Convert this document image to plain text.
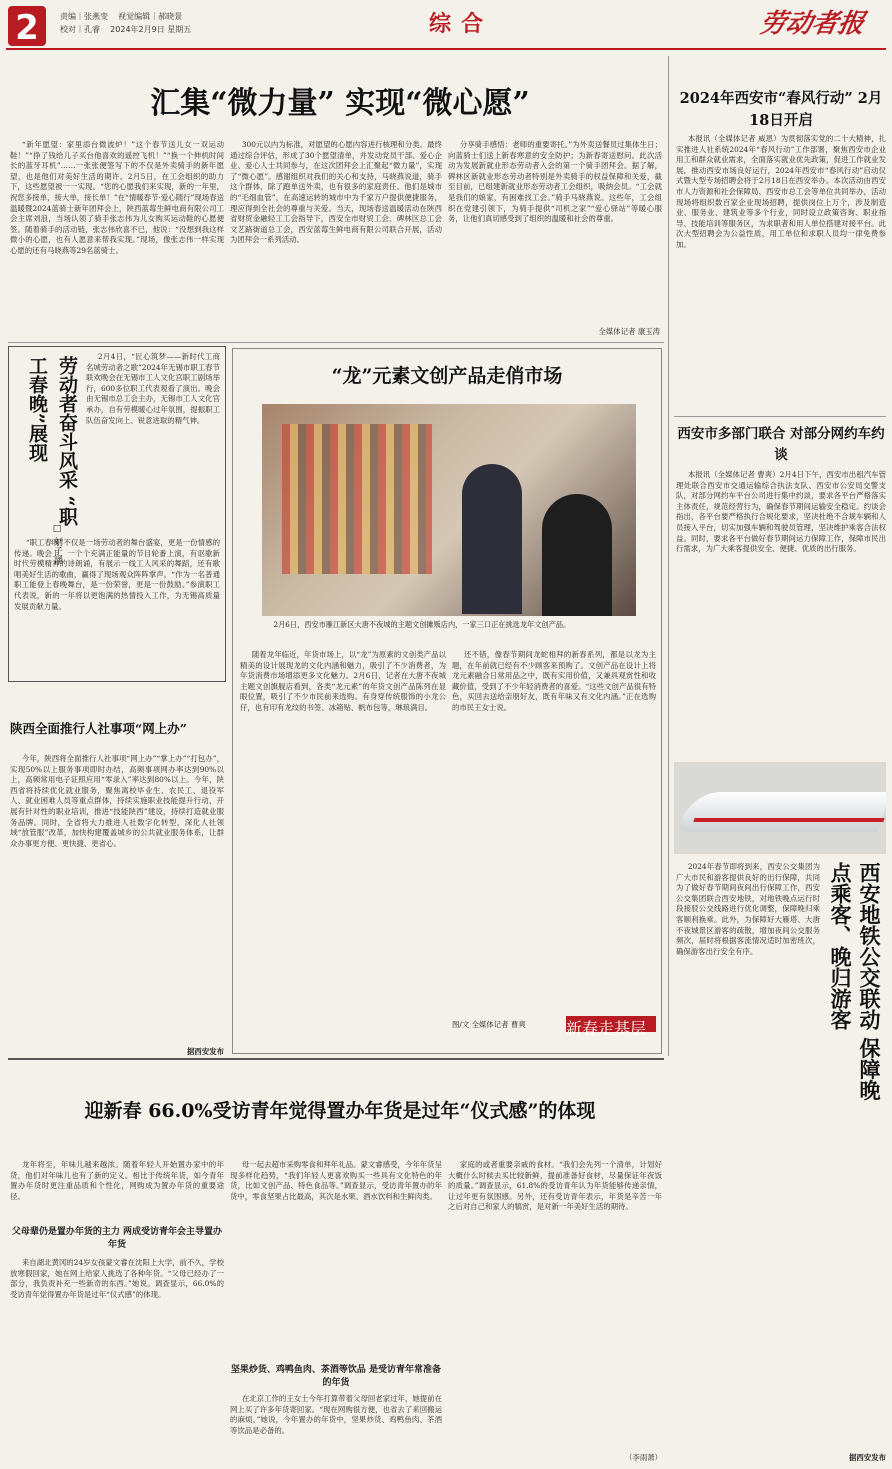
2	责编｜张燕变 视觉编辑｜郝晓景
校对｜孔睿 2024年2月9日 星期五	综合	劳动者报
汇集“微力量” 实现“微心愿”
“新年愿望：家里添台微波炉！”这个春节送儿女一双运动鞋！”“挣了钱给儿子买台他喜欢的遥控飞机！”“换一个伸机时间长的蓝牙耳机”……一张张便签写下的不仅是外卖骑手的新年愿望，也是他们对美好生活的期许。2月5日，在工会组织的助力下，这些愿望被一一实现。“您的心愿我们来实现，新的一年里，祝您多接单，接大单，接长单！”在“情暖春节·爱心随行”现场春送温暖暨2024蓝骑士新年团拜会上，陕西蓝莓生鲜电商有限公司工会主席刘浪，当场认领了骑手张志伟为儿女购买运动鞋的心愿便签。随着骑手的活动链，张志伟欣喜不已，他说：“没想到我这样微小的心愿，也有人愿意来帮我实现。”现场，像张志伟一样实现心愿的还有马晓燕等29名蓝骑士。
300元以内为标准，对愿望的心愿内容进行核理和分类。最终通过综合评估，形成了30个愿望清单，并发动党员干部、爱心企业、爱心人士共同参与，在这次团拜会上汇聚起“微力量”，实现了“微心愿”。感谢组织对我们的关心和支持，马晓燕说道，骑手这个群体，除了跑单送外卖，也有很多的家庭责任。他们是城市的“毛细血管”，在高速运转的城市中为千家万户提供便捷服务，理应得到全社会的尊重与关爱。当天，现场春送温暖活动在陕西省财贸金融轻工工会指导下，西安全市财贸工会、碑林区总工会文艺路街道总工会，西安蓝莓生鲜电商有限公司联合开展，活动为团拜会一系列活动。
分享骑手感悟：老师的重要寄托。”为外卖送餐员过集体生日；向蓝骑士们送上新春寒意的安全防护；为新春寄送慰问。此次活动为发展新就业形态劳动者入会的第一个骑手团拜会。据了解，碑林区新就业形态劳动者特别是外卖骑手的权益保障和关爱，截至目前，已组建新就业形态劳动者工会组织，吸纳会员。“工会就是我们的娘家，有困难找工会。”骑手马晓燕说。这些年，工会组织在党建引领下，为骑手提供“司机之家”“爱心驿站”等暖心服务，让他们真切感受到了组织的温暖和社会的尊重。
全媒体记者 康玉涛
劳动者奋斗风采 “职工春晚”展现
□ 刘子涵
2月4日，“匠心筑梦——新时代工商名城劳动者之歌”2024年无锡市职工春节联欢晚会在无锡市工人文化宫职工剧场举行，600多位职工代表观看了演出。晚会由无锡市总工会主办，无锡市工人文化宫承办，自有劳模暖心过年氛围，提振职工队伍奋发向上、锐意进取的精气神。
“职工春晚”不仅是一场劳动者的舞台盛宴，更是一份情感的传递。晚会上，一个个充满正能量的节目轮番上演，有讴歌新时代劳模精神的诗朗诵，有展示一线工人风采的舞蹈，还有歌唱美好生活的歌曲，赢得了现场观众阵阵掌声。“作为一名普通职工能登上春晚舞台，是一份荣誉，更是一份鼓励。”参演职工代表说，新的一年将以更饱满的热情投入工作，为无锡高质量发展贡献力量。
陕西全面推行人社事项“网上办”
今年，陕西将全面推行人社事项“网上办”“掌上办”“打包办”，实现50%以上服务事项即时办结，高频事项网办率达到90%以上，高频常用电子证照应用“零录入”率达到80%以上。今年，陕西省将持续优化就业服务，聚焦离校毕业生、农民工、退役军人、就业困难人员等重点群体，持续实施职业技能提升行动，开展有针对性的职业培训，推进“技能陕西”建设，持续打造就业服务品牌。同时，全省将大力推进人社数字化转型，深化人社领域“放管服”改革，加快构建覆盖城乡的公共就业服务体系，让群众办事更方便、更快捷、更省心。
据西安发布
“龙”元素文创产品走俏市场
2月6日，西安市雁江新区大唐不夜城的主题文创摊贩店内，一家三口正在挑选龙年文创产品。
随着龙年临近，年货市场上，以“龙”为原素的文创类产品以精美的设计展现龙的文化内涵和魅力，吸引了不少消费者，为年货消费市场增添更多文化魅力。2月6日，记者在大唐不夜城主题文创旗舰店看到，各类“龙元素”的年货文创产品陈列在显眼位置，吸引了不少市民前来选购。有身穿传统服饰的小龙公仔，也有印有龙纹的书签、冰箱贴、帆布包等，琳琅满目。
还不错，像春节期间龙蛇相拜的新春系列，都是以龙为主题，在年前就已经有不少顾客来预购了。文创产品在设计上将龙元素融合日常用品之中，既有实用价值，又兼具观赏性和收藏价值，受到了不少年轻消费者的喜爱。“这些文创产品很有特色，买回去送给亲朋好友，既有年味又有文化内涵。”正在选购的市民王女士说。
图/文 全媒体记者 曹爽	新春走基层
2024年西安市“春风行动” 2月18日开启
本报讯（全媒体记者 威恩）为贯彻落实党的二十大精神，扎实推进人社系统2024年“春风行动”工作部署，聚焦西安市企业用工和群众就业需求，全面落实就业优先政策，促进工作就业发展，推动西安市场良好运行，2024年西安市“春风行动”启动仪式暨大型专场招聘会将于2月18日在西安举办。本次活动由西安市人力资源和社会保障局、西安市总工会等单位共同举办，活动现场将组织数百家企业现场招聘，提供岗位上万个，涉及制造业、服务业、建筑业等多个行业，同时设立政策咨询、职业指导、技能培训等服务区，为求职者和用人单位搭建对接平台。此次大型招聘会为公益性质，用工单位和求职人员均一律免费参加。
西安市多部门联合 对部分网约车约谈
本报讯（全媒体记者 曹爽）2月4日下午，西安市出租汽车管理处联合西安市交通运输综合执法支队、西安市公安局交警支队，对部分网约车平台公司进行集中约谈，要求各平台严格落实主体责任，规范经营行为，确保春节期间运输安全稳定。约谈会指出，各平台要严格执行合规化要求，坚决杜绝不合规车辆和人员接入平台，切实加强车辆和驾驶员管理，坚决维护乘客合法权益。同时，要求各平台做好春节期间运力保障工作，保障市民出行需求，为广大乘客提供安全、便捷、优质的出行服务。
西安地铁公交联动 保障晚点乘客、晚归游客
2024年春节即将到来，西安公交集团为广大市民和游客提供良好的出行保障，共同为了做好春节期间夜间出行保障工作，西安公交集团联合西安地铁，对地铁晚点运行时段接驳公交线路进行优化调整，保障晚归乘客顺利换乘。此外，为保障好大雁塔、大唐不夜城景区游客的疏散，增加夜间公交服务频次，届时将根据客流情况适时加密班次，确保游客出行安全有序。
据西安发布
迎新春 66.0%受访青年觉得置办年货是过年“仪式感”的体现
龙年将至，年味儿越来越浓。随着年轻人开始置办家中的年货，他们对年味儿也有了新的定义。相比于传统年货，如今青年置办年货时更注重品质和个性化，网购成为置办年货的重要途径。
父母辈仍是置办年货的主力 两成受访青年会主导置办年货
来自湖北黄冈的24岁女孩蒙文睿在沈阳上大学，前不久，学校放寒假回家，她在网上给家人挑选了各种年货。“父母已经办了一部分，我负责补充一些新奇的东西。”她说。调查显示，66.0%的受访青年觉得置办年货是过年“仪式感”的体现。
母一起去超市采购零食和拜年礼品。蒙文睿感受，今年年货呈现多样化趋势，“我们年轻人更喜欢购买一些具有文化特色的年货，比如文创产品、特色食品等。”调查显示，受访青年置办的年货中，零食坚果占比最高，其次是水果、酒水饮料和生鲜肉类。
坚果炒货、鸡鸭鱼肉、茶酒等饮品 是受访青年常准备的年货
在北京工作的王女士今年打算带着父母回老家过年，她提前在网上买了许多年货寄回家。“现在网购很方便，也省去了来回搬运的麻烦。”她说，今年置办的年货中，坚果炒货、鸡鸭鱼肉、茶酒等饮品是必备的。
家庭的或者重要亲戚的食材。“我们会先列一个清单，计划好大概什么时候去买比较新鲜，提前准备好食材，尽量保证年夜饭的质量。”调查显示，61.8%的受访青年认为年货能够传递亲情，让过年更有氛围感。另外，还有受访青年表示，年货是辛苦一年之后对自己和家人的犒赏，是对新一年美好生活的期待。
（李雨萧）
